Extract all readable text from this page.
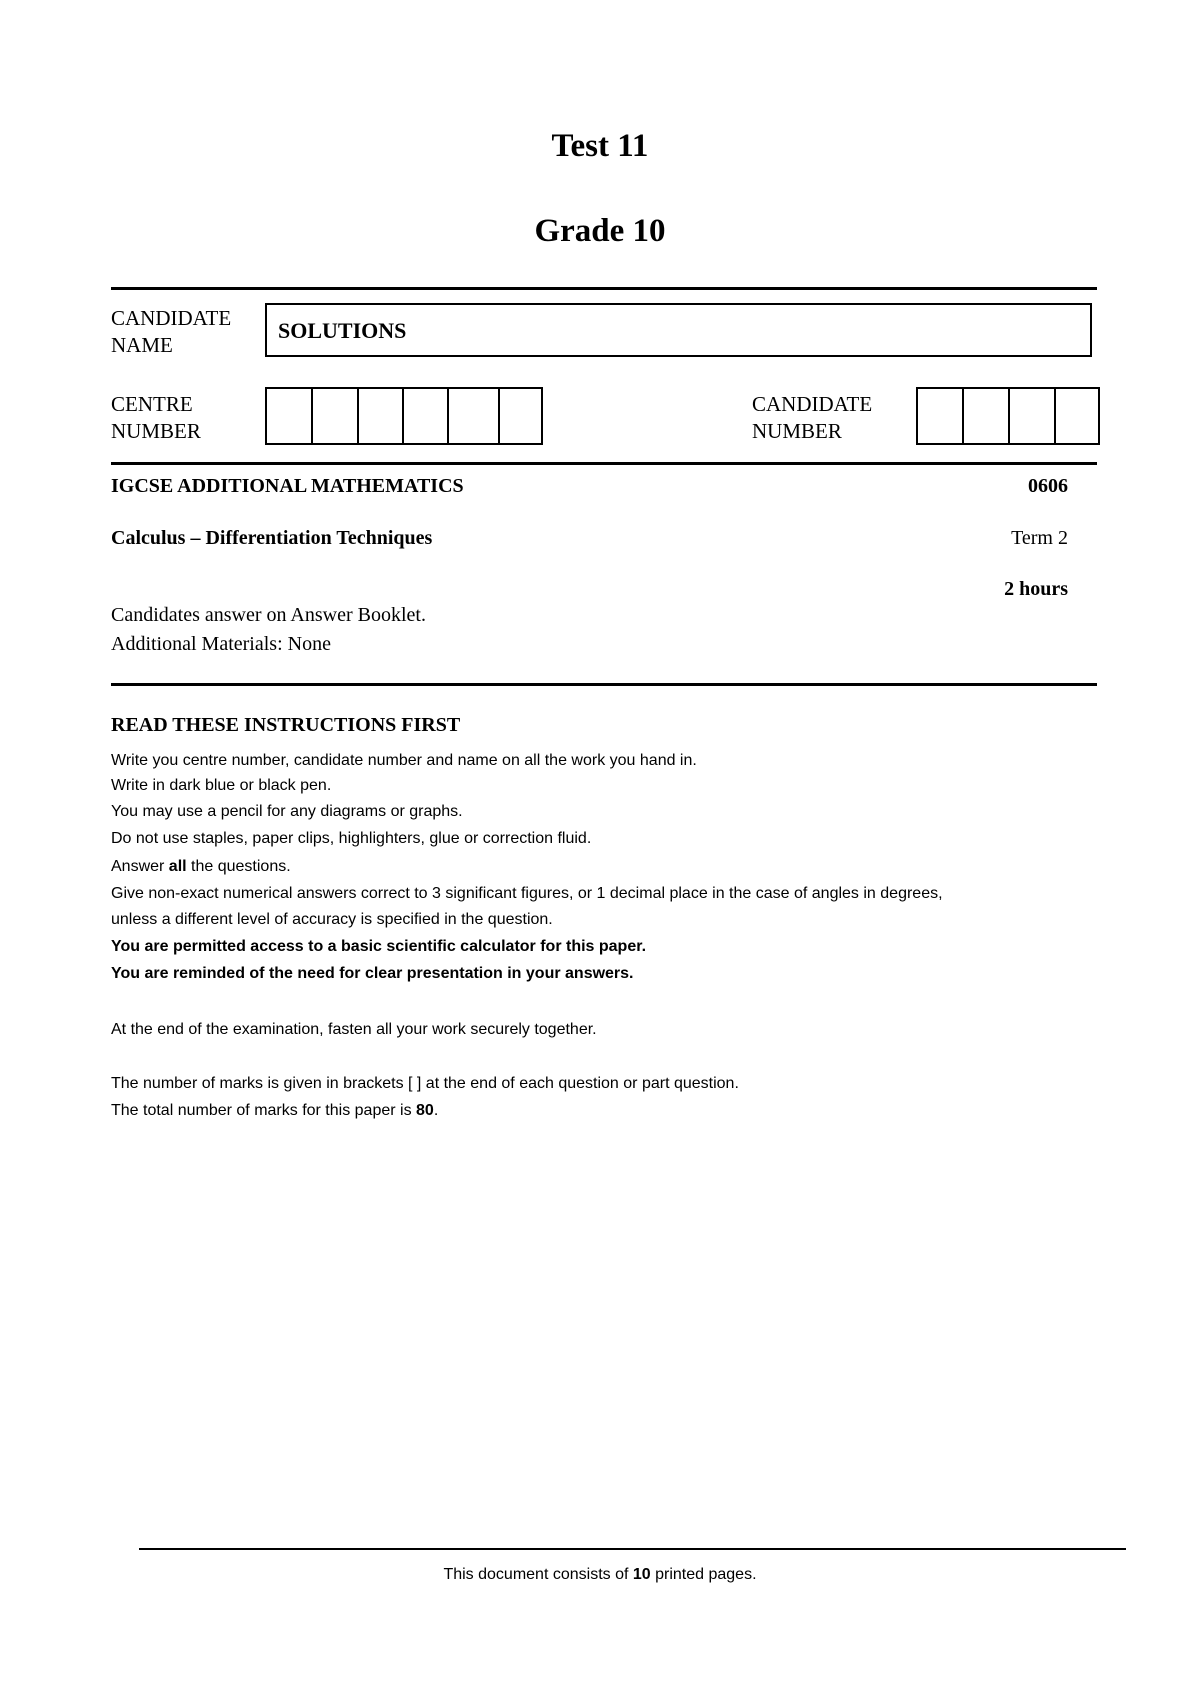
Test 11
Grade 10
CANDIDATE
NAME
SOLUTIONS
CENTRE
NUMBER
CANDIDATE
NUMBER
IGCSE ADDITIONAL MATHEMATICS	0606
Calculus – Differentiation Techniques	Term 2
2 hours
Candidates answer on Answer Booklet.
Additional Materials: None
READ THESE INSTRUCTIONS FIRST
Write you centre number, candidate number and name on all the work you hand in.
Write in dark blue or black pen.
You may use a pencil for any diagrams or graphs.
Do not use staples, paper clips, highlighters, glue or correction fluid.
Answer all the questions.
Give non-exact numerical answers correct to 3 significant figures, or 1 decimal place in the case of angles in degrees,
unless a different level of accuracy is specified in the question.
You are permitted access to a basic scientific calculator for this paper.
You are reminded of the need for clear presentation in your answers.
At the end of the examination, fasten all your work securely together.
The number of marks is given in brackets [ ] at the end of each question or part question.
The total number of marks for this paper is 80.
This document consists of 10 printed pages.
